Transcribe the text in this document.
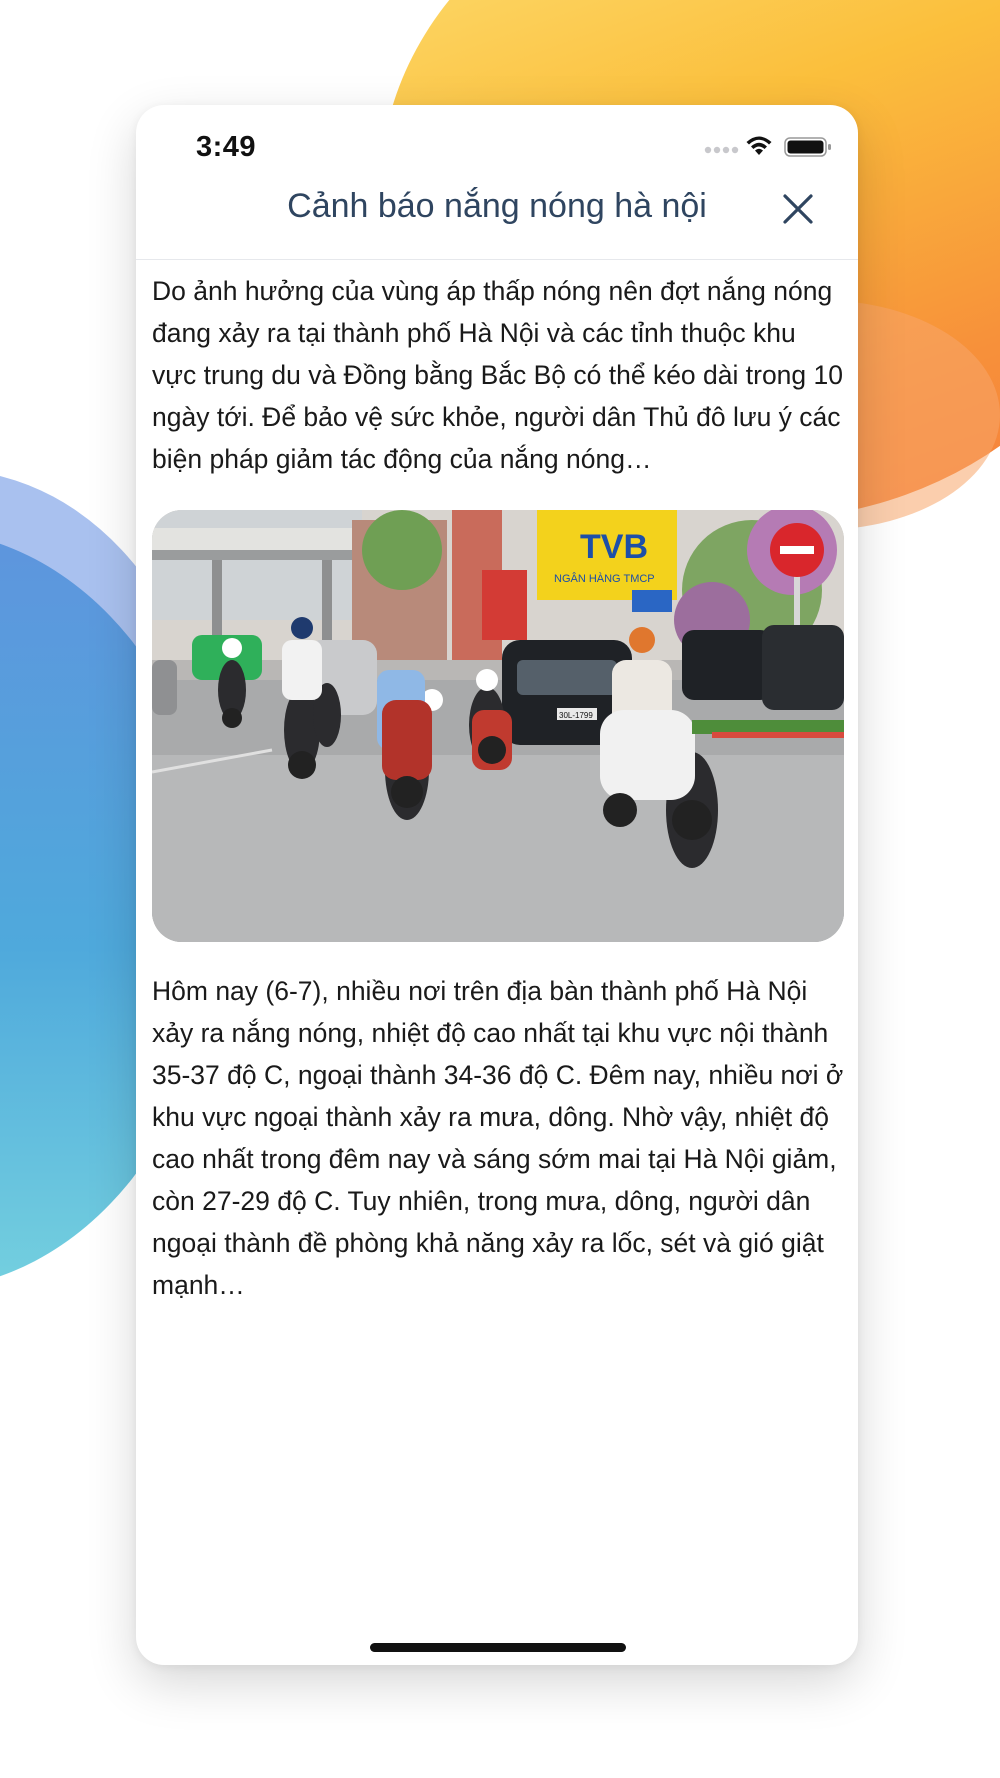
3:49
Cảnh báo nắng nóng hà nội

Do ảnh hưởng của vùng áp thấp nóng nên đợt nắng nóng đang xảy ra tại thành phố Hà Nội và các tỉnh thuộc khu vực trung du và Đồng bằng Bắc Bộ có thể kéo dài trong 10 ngày tới. Để bảo vệ sức khỏe, người dân Thủ đô lưu ý các biện pháp giảm tác động của nắng nóng…

TVB
NGÂN HÀNG TMCP
30L-1799

Hôm nay (6-7), nhiều nơi trên địa bàn thành phố Hà Nội xảy ra nắng nóng, nhiệt độ cao nhất tại khu vực nội thành 35-37 độ C, ngoại thành 34-36 độ C. Đêm nay, nhiều nơi ở khu vực ngoại thành xảy ra mưa, dông. Nhờ vậy, nhiệt độ cao nhất trong đêm nay và sáng sớm mai tại Hà Nội giảm, còn 27-29 độ C. Tuy nhiên, trong mưa, dông, người dân ngoại thành đề phòng khả năng xảy ra lốc, sét và gió giật mạnh…
